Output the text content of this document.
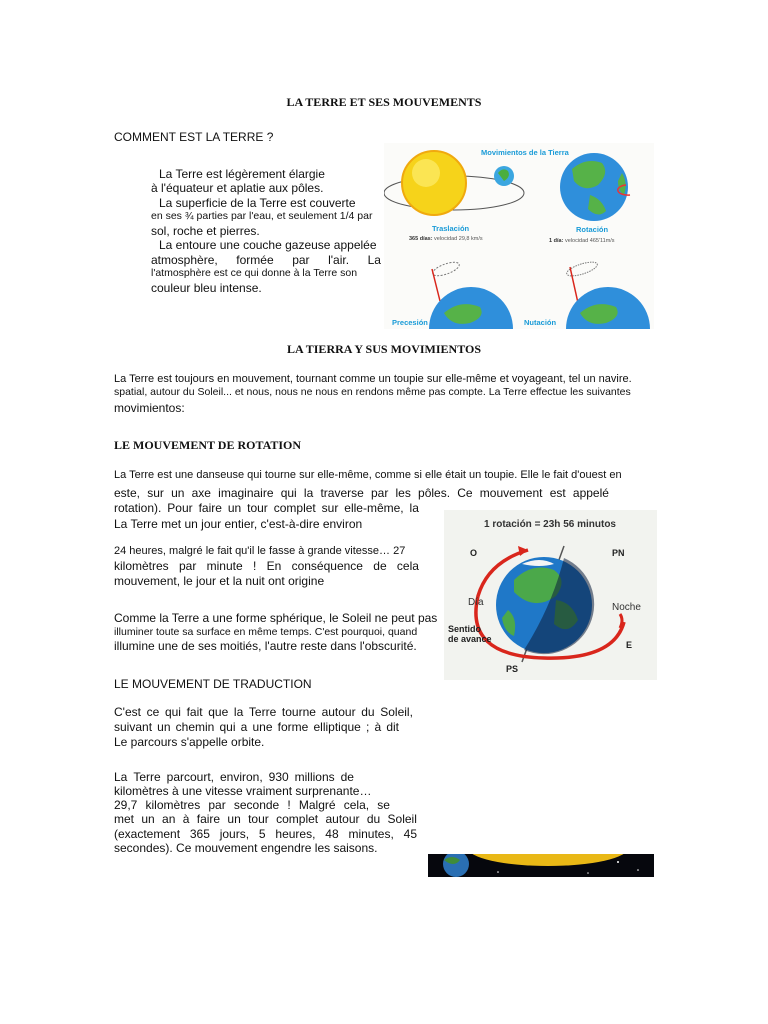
LA TERRE ET SES MOUVEMENTS
COMMENT EST LA TERRE ?
La Terre est légèrement élargie
à l'équateur et aplatie aux pôles.
La superficie de la Terre est couverte
en ses ¾ parties par l'eau, et seulement 1/4 par
sol, roche et pierres.
La entoure une couche gazeuse appelée
atmosphère, formée par l'air. La
l'atmosphère est ce qui donne à la Terre son
couleur bleu intense.
Movimientos de la Tierra
Traslación
365 días: velocidad 29,8 km/s
Rotación
1 día: velocidad 465'11m/s
Precesión	Nutación
LA TIERRA Y SUS MOVIMIENTOS
La Terre est toujours en mouvement, tournant comme un toupie sur elle-même et voyageant, tel un navire.
spatial, autour du Soleil... et nous, nous ne nous en rendons même pas compte. La Terre effectue les suivantes
movimientos:
LE MOUVEMENT DE ROTATION
La Terre est une danseuse qui tourne sur elle-même, comme si elle était un toupie. Elle le fait d'ouest en
este, sur un axe imaginaire qui la traverse par les pôles. Ce mouvement est appelé
rotation). Pour faire un tour complet sur elle-même, la
La Terre met un jour entier, c'est-à-dire environ
24 heures, malgré le fait qu'il le fasse à grande vitesse… 27
kilomètres par minute ! En conséquence de cela
mouvement, le jour et la nuit ont origine
Comme la Terre a une forme sphérique, le Soleil ne peut pas
illuminer toute sa surface en même temps. C'est pourquoi, quand
illumine une de ses moitiés, l'autre reste dans l'obscurité.
1 rotación = 23h 56 minutos
O	PN
Día	Noche
Sentido
de avance
E
PS
LE MOUVEMENT DE TRADUCTION
C'est ce qui fait que la Terre tourne autour du Soleil,
suivant un chemin qui a une forme elliptique ; à dit
Le parcours s'appelle orbite.
La Terre parcourt, environ, 930 millions de
kilomètres à une vitesse vraiment surprenante…
29,7 kilomètres par seconde ! Malgré cela, se
met un an à faire un tour complet autour du Soleil
(exactement 365 jours, 5 heures, 48 minutes, 45
secondes). Ce mouvement engendre les saisons.
